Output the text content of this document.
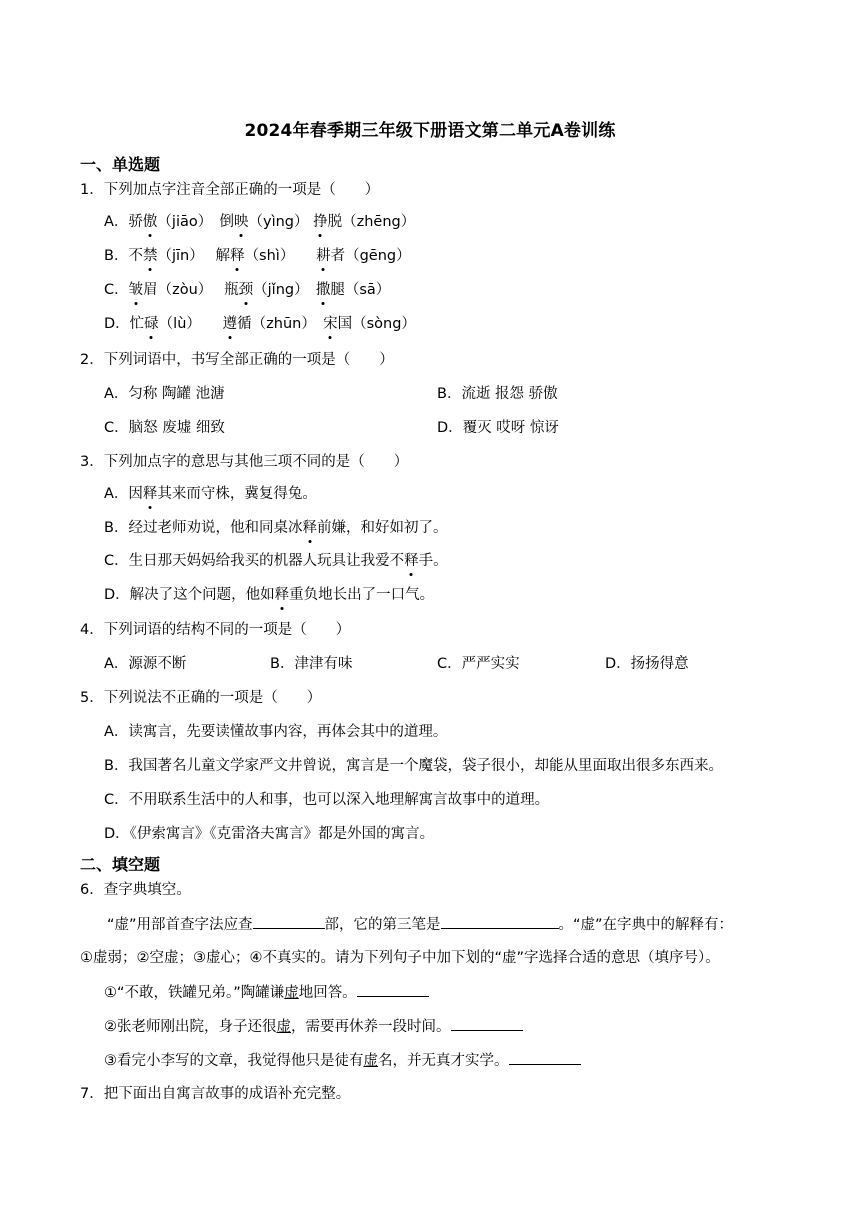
2024年春季期三年级下册语文第二单元A卷训练
一、单选题
1．下列加点字注音全部正确的一项是（　　）
A．骄傲（jiāo）　倒映（yìng） 挣脱（zhēng）
B．不禁（jīn）　 解释（shì）　　耕者（gēng）
C．皱眉（zòu）　 瓶颈（jǐng）　撒腿（sā）
D．忙碌（lù）　　遵循（zhūn）　宋国（sòng）
2．下列词语中，书写全部正确的一项是（　　）
A．匀称 陶罐 池溏	B．流逝 报怨 骄傲
C．脑怒 废墟 细致	D．覆灭 哎呀 惊讶
3．下列加点字的意思与其他三项不同的是（　　）
A．因释其来而守株，冀复得兔。
B．经过老师劝说，他和同桌冰释前嫌，和好如初了。
C．生日那天妈妈给我买的机器人玩具让我爱不释手。
D．解决了这个问题，他如释重负地长出了一口气。
4．下列词语的结构不同的一项是（　　）
A．源源不断	B．津津有味	C．严严实实	D．扬扬得意
5．下列说法不正确的一项是（　　）
A．读寓言，先要读懂故事内容，再体会其中的道理。
B．我国著名儿童文学家严文井曾说，寓言是一个魔袋，袋子很小，却能从里面取出很多东西来。
C．不用联系生活中的人和事，也可以深入地理解寓言故事中的道理。
D．《伊索寓言》《克雷洛夫寓言》都是外国的寓言。
二、填空题
6．查字典填空。
“虚”用部首查字法应查	部，它的第三笔是	。“虚”在字典中的解释有：
①虚弱；②空虚；③虚心；④不真实的。请为下列句子中加下划的“虚”字选择合适的意思（填序号）。
①“不敢，铁罐兄弟。”陶罐谦虚地回答。
②张老师刚出院，身子还很虚，需要再休养一段时间。
③看完小李写的文章，我觉得他只是徒有虚名，并无真才实学。
7．把下面出自寓言故事的成语补充完整。
